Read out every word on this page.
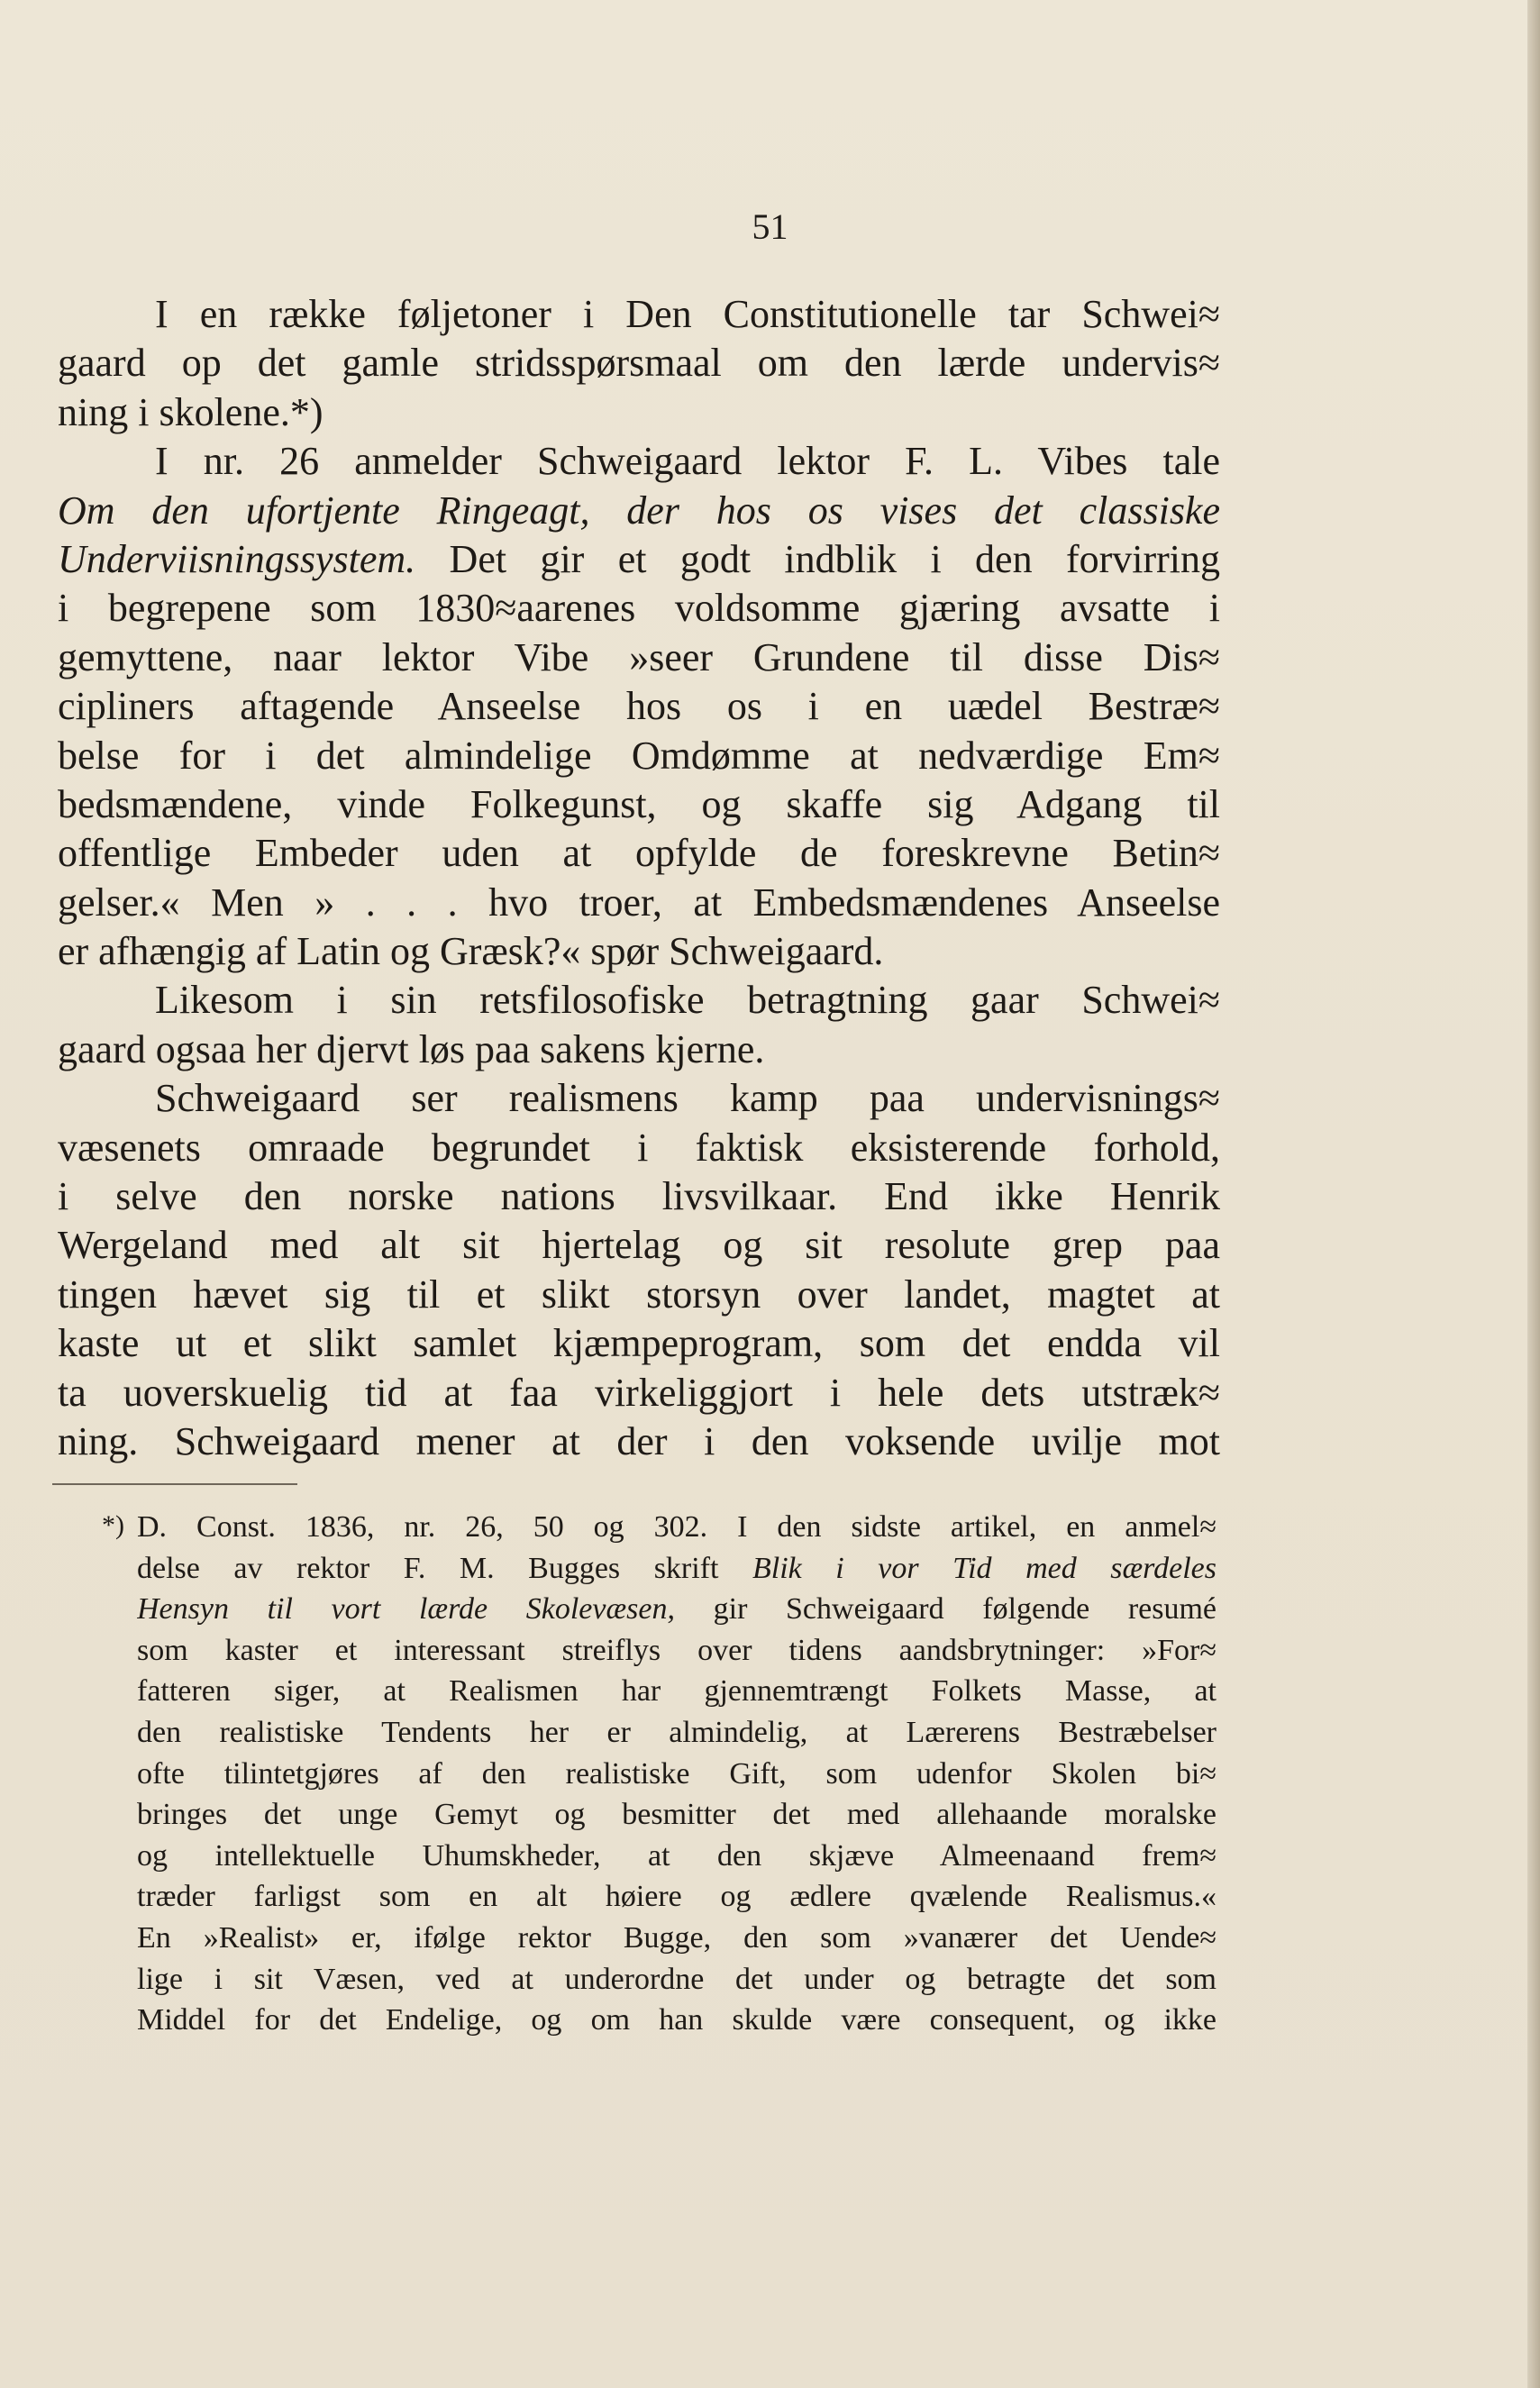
51
I en række føljetoner i Den Constitutionelle tar Schwei≈
gaard op det gamle stridsspørsmaal om den lærde undervis≈
ning i skolene.*)
I nr. 26 anmelder Schweigaard lektor F. L. Vibes tale
Om den ufortjente Ringeagt, der hos os vises det classiske
Underviisningssystem. Det gir et godt indblik i den forvirring
i begrepene som 1830≈aarenes voldsomme gjæring avsatte i
gemyttene, naar lektor Vibe »seer Grundene til disse Dis≈
cipliners aftagende Anseelse hos os i en uædel Bestræ≈
belse for i det almindelige Omdømme at nedværdige Em≈
bedsmændene, vinde Folkegunst, og skaffe sig Adgang til
offentlige Embeder uden at opfylde de foreskrevne Betin≈
gelser.« Men » . . . hvo troer, at Embedsmændenes Anseelse
er afhængig af Latin og Græsk?« spør Schweigaard.
Likesom i sin retsfilosofiske betragtning gaar Schwei≈
gaard ogsaa her djervt løs paa sakens kjerne.
Schweigaard ser realismens kamp paa undervisnings≈
væsenets omraade begrundet i faktisk eksisterende forhold,
i selve den norske nations livsvilkaar. End ikke Henrik
Wergeland med alt sit hjertelag og sit resolute grep paa
tingen hævet sig til et slikt storsyn over landet, magtet at
kaste ut et slikt samlet kjæmpeprogram, som det endda vil
ta uoverskuelig tid at faa virkeliggjort i hele dets utstræk≈
ning. Schweigaard mener at der i den voksende uvilje mot
*) D. Const. 1836, nr. 26, 50 og 302. I den sidste artikel, en anmel≈
delse av rektor F. M. Bugges skrift Blik i vor Tid med særdeles
Hensyn til vort lærde Skolevæsen, gir Schweigaard følgende resumé
som kaster et interessant streiflys over tidens aandsbrytninger: »For≈
fatteren siger, at Realismen har gjennemtrængt Folkets Masse, at
den realistiske Tendents her er almindelig, at Lærerens Bestræbelser
ofte tilintetgjøres af den realistiske Gift, som udenfor Skolen bi≈
bringes det unge Gemyt og besmitter det med allehaande moralske
og intellektuelle Uhumskheder, at den skjæve Almeenaand frem≈
træder farligst som en alt høiere og ædlere qvælende Realismus.«
En »Realist» er, ifølge rektor Bugge, den som »vanærer det Uende≈
lige i sit Væsen, ved at underordne det under og betragte det som
Middel for det Endelige, og om han skulde være consequent, og ikke
